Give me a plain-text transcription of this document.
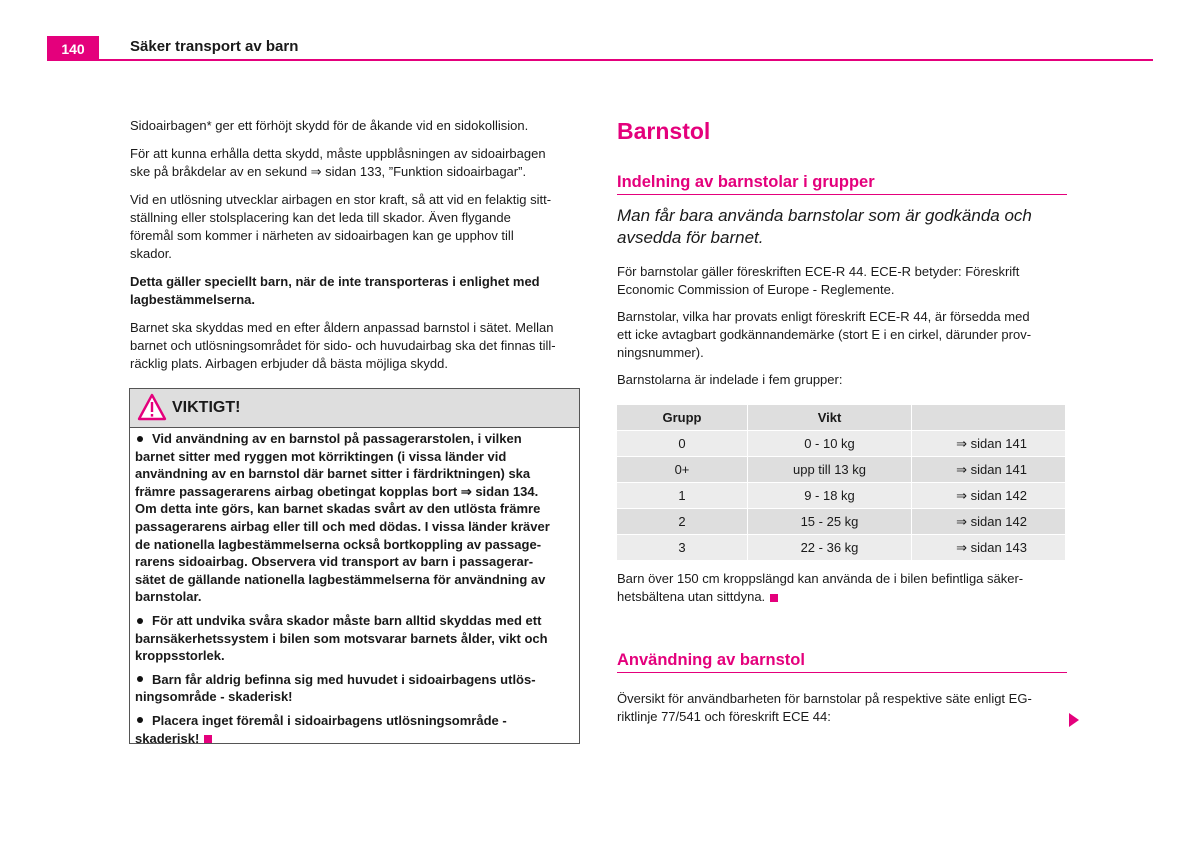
140	Säker transport av barn

Sidoairbagen* ger ett förhöjt skydd för de åkande vid en sidokollision.

För att kunna erhålla detta skydd, måste uppblåsningen av sidoairbagen
ske på bråkdelar av en sekund ⇒ sidan 133, ”Funktion sidoairbagar”.

Vid en utlösning utvecklar airbagen en stor kraft, så att vid en felaktig sitt-
ställning eller stolsplacering kan det leda till skador. Även flygande
föremål som kommer i närheten av sidoairbagen kan ge upphov till
skador.

Detta gäller speciellt barn, när de inte transporteras i enlighet med
lagbestämmelserna.

Barnet ska skyddas med en efter åldern anpassad barnstol i sätet. Mellan
barnet och utlösningsområdet för sido- och huvudairbag ska det finnas till-
räcklig plats. Airbagen erbjuder då bästa möjliga skydd.

VIKTIGT!
Vid användning av en barnstol på passagerarstolen, i vilken
barnet sitter med ryggen mot körriktingen (i vissa länder vid
användning av en barnstol där barnet sitter i färdriktningen) ska
främre passagerarens airbag obetingat kopplas bort ⇒ sidan 134.
Om detta inte görs, kan barnet skadas svårt av den utlösta främre
passagerarens airbag eller till och med dödas. I vissa länder kräver
de nationella lagbestämmelserna också bortkoppling av passage-
rarens sidoairbag. Observera vid transport av barn i passagerar-
sätet de gällande nationella lagbestämmelserna för användning av
barnstolar.
För att undvika svåra skador måste barn alltid skyddas med ett
barnsäkerhetssystem i bilen som motsvarar barnets ålder, vikt och
kroppsstorlek.
Barn får aldrig befinna sig med huvudet i sidoairbagens utlös-
ningsområde - skaderisk!
Placera inget föremål i sidoairbagens utlösningsområde -
skaderisk!
Barnstol
Indelning av barnstolar i grupper

Man får bara använda barnstolar som är godkända och
avsedda för barnet.

För barnstolar gäller föreskriften ECE-R 44. ECE-R betyder: Föreskrift
Economic Commission of Europe - Reglemente.

Barnstolar, vilka har provats enligt föreskrift ECE-R 44, är försedda med
ett icke avtagbart godkännandemärke (stort E i en cirkel, därunder prov-
ningsnummer).

Barnstolarna är indelade i fem grupper:

Grupp	Vikt	
0	0 - 10 kg	⇒ sidan 141
0+	upp till 13 kg	⇒ sidan 141
1	9 - 18 kg	⇒ sidan 142
2	15 - 25 kg	⇒ sidan 142
3	22 - 36 kg	⇒ sidan 143

Barn över 150 cm kroppslängd kan använda de i bilen befintliga säker-
hetsbältena utan sittdyna.

Användning av barnstol

Översikt för användbarheten för barnstolar på respektive säte enligt EG-
riktlinje 77/541 och föreskrift ECE 44:
